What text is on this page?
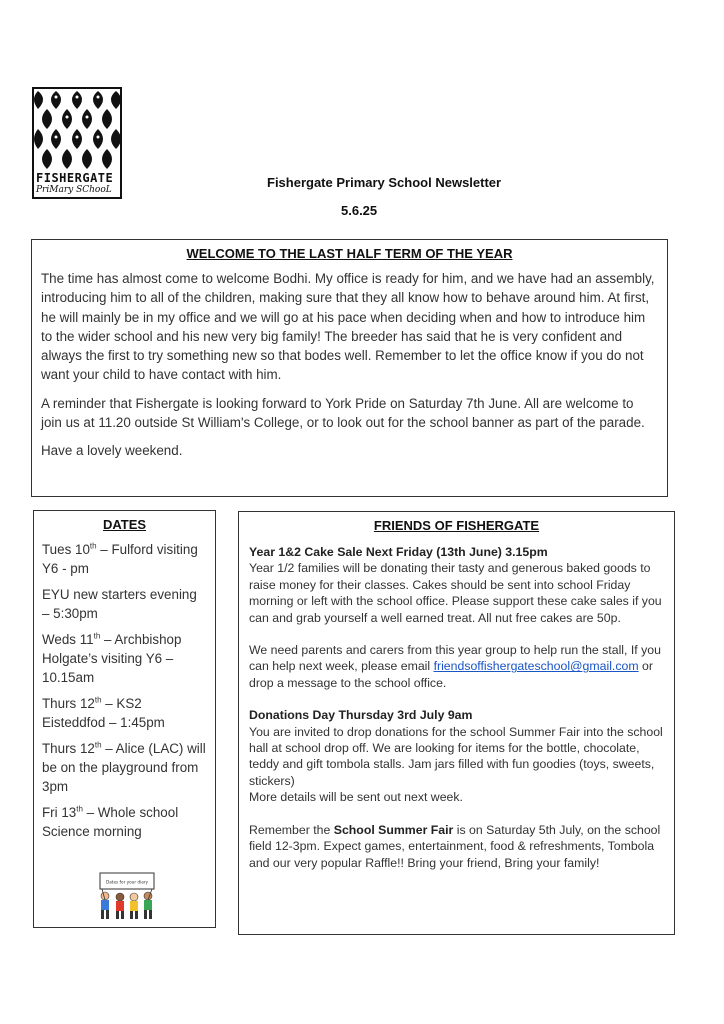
FISHERGATE
PriMary SChooL	Fishergate Primary School Newsletter
5.6.25
WELCOME TO THE LAST HALF TERM OF THE YEAR

The time has almost come to welcome Bodhi. My office is ready for him, and we have had an assembly, introducing him to all of the children, making sure that they all know how to behave around him. At first, he will mainly be in my office and we will go at his pace when deciding when and how to introduce him to the wider school and his new very big family! The breeder has said that he is very confident and always the first to try something new so that bodes well. Remember to let the office know if you do not want your child to have contact with him.

A reminder that Fishergate is looking forward to York Pride on Saturday 7th June. All are welcome to join us at 11.20 outside St William's College, or to look out for the school banner as part of the parade.

Have a lovely weekend.

DATES

Tues 10th – Fulford visiting Y6 - pm

EYU new starters evening – 5:30pm

Weds 11th – Archbishop Holgate’s visiting Y6 – 10.15am

Thurs 12th – KS2 Eisteddfod – 1:45pm

Thurs 12th – Alice (LAC) will be on the playground from 3pm

Fri 13th – Whole school Science morning

Dates for your diary
FRIENDS OF FISHERGATE

Year 1&2 Cake Sale Next Friday (13th June) 3.15pm
Year 1/2 families will be donating their tasty and generous baked goods to raise money for their classes. Cakes should be sent into school Friday morning or left with the school office. Please support these cake sales if you can and grab yourself a well earned treat. All nut free cakes are 50p.

We need parents and carers from this year group to help run the stall, If you can help next week, please email friendsoffishergateschool@gmail.com or drop a message to the school office.

Donations Day Thursday 3rd July 9am
You are invited to drop donations for the school Summer Fair into the school hall at school drop off. We are looking for items for the bottle, chocolate, teddy and gift tombola stalls. Jam jars filled with fun goodies (toys, sweets, stickers)
More details will be sent out next week.

Remember the School Summer Fair is on Saturday 5th July, on the school field 12-3pm. Expect games, entertainment, food & refreshments, Tombola and our very popular Raffle!! Bring your friend, Bring your family!
